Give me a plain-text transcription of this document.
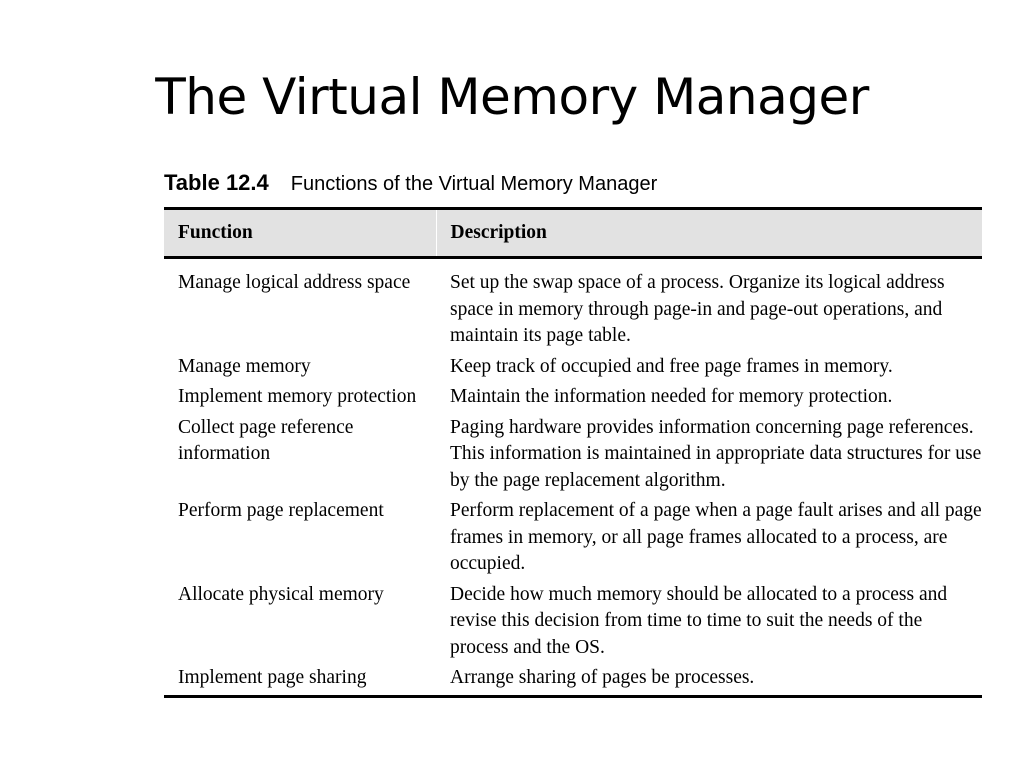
The Virtual Memory Manager
Table 12.4 Functions of the Virtual Memory Manager
Function	Description
Manage logical address space	Set up the swap space of a process. Organize its logical address space in memory through page-in and page-out operations, and maintain its page table.
Manage memory	Keep track of occupied and free page frames in memory.
Implement memory protection	Maintain the information needed for memory protection.
Collect page reference information	Paging hardware provides information concerning page references. This information is maintained in appropriate data structures for use by the page replacement algorithm.
Perform page replacement	Perform replacement of a page when a page fault arises and all page frames in memory, or all page frames allocated to a process, are occupied.
Allocate physical memory	Decide how much memory should be allocated to a process and revise this decision from time to time to suit the needs of the process and the OS.
Implement page sharing	Arrange sharing of pages be processes.
